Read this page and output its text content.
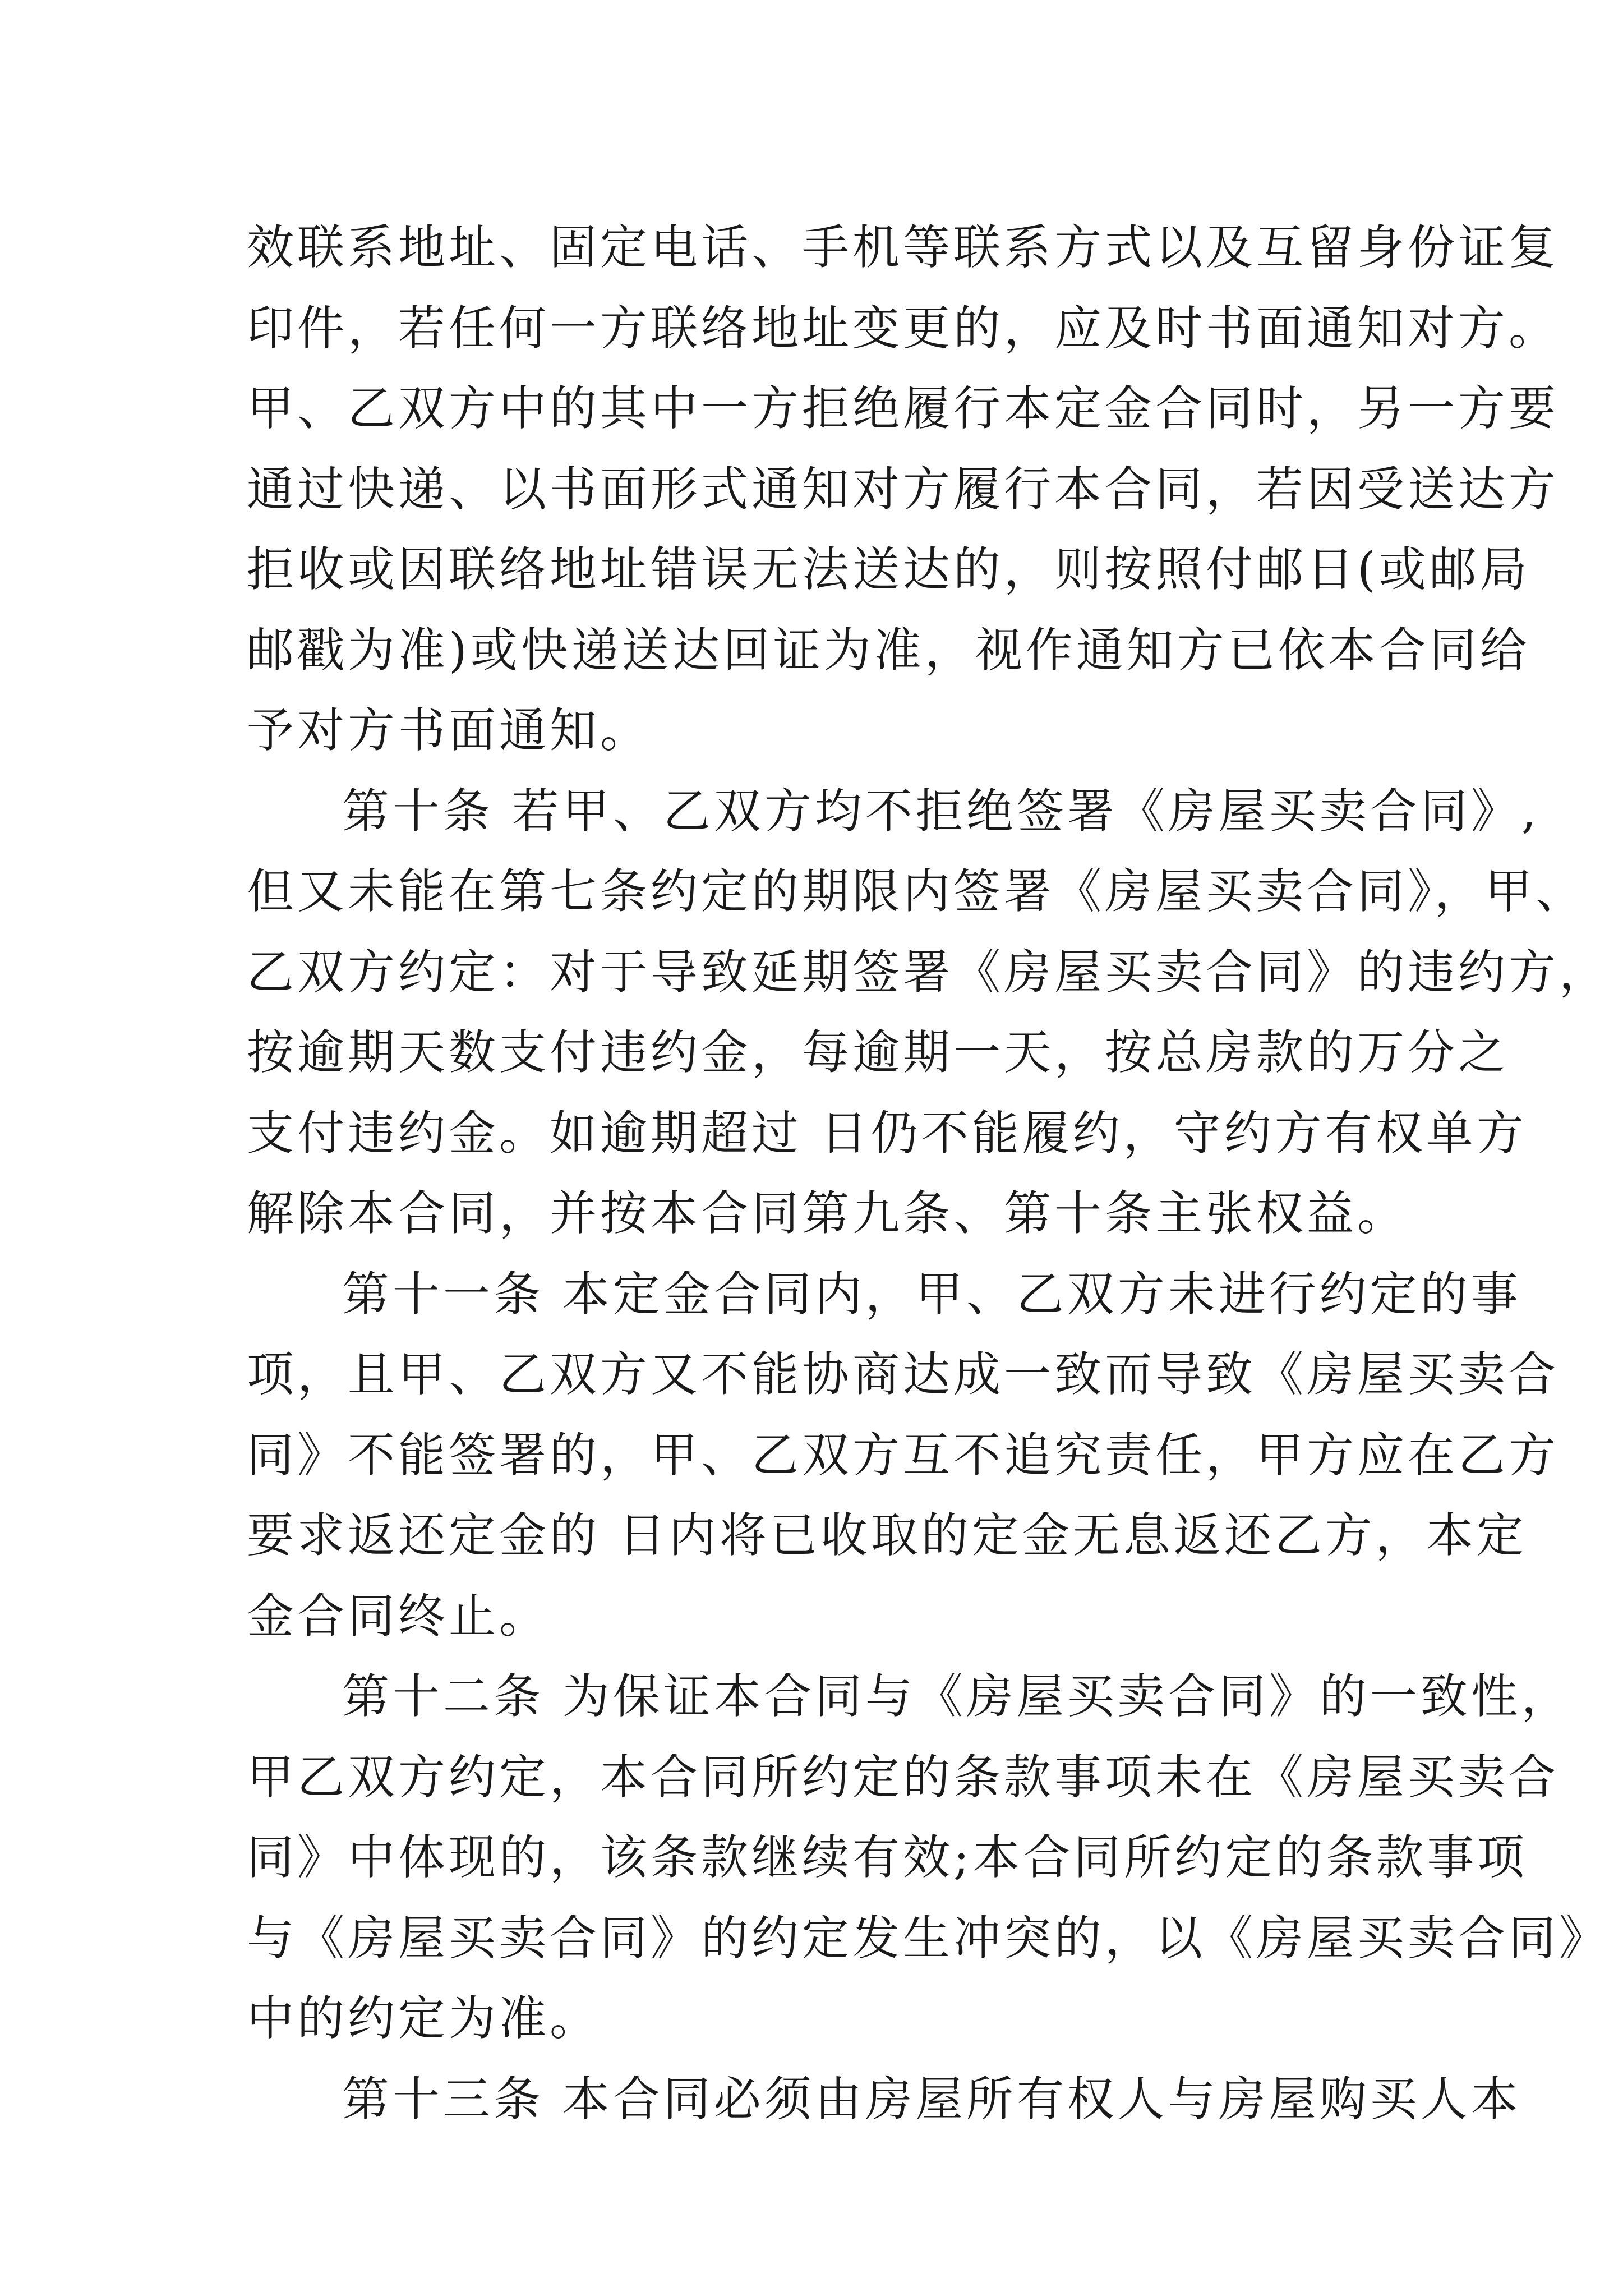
效联系地址、固定电话、手机等联系方式以及互留身份证复
印件，若任何一方联络地址变更的，应及时书面通知对方。
甲、乙双方中的其中一方拒绝履行本定金合同时，另一方要
通过快递、以书面形式通知对方履行本合同，若因受送达方
拒收或因联络地址错误无法送达的，则按照付邮日(或邮局
邮戳为准)或快递送达回证为准，视作通知方已依本合同给
予对方书面通知。
第十条 若甲、乙双方均不拒绝签署《房屋买卖合同》,
但又未能在第七条约定的期限内签署《房屋买卖合同》，甲、
乙双方约定：对于导致延期签署《房屋买卖合同》的违约方，
按逾期天数支付违约金，每逾期一天，按总房款的万分之
支付违约金。如逾期超过 日仍不能履约，守约方有权单方
解除本合同，并按本合同第九条、第十条主张权益。
第十一条 本定金合同内，甲、乙双方未进行约定的事
项，且甲、乙双方又不能协商达成一致而导致《房屋买卖合
同》不能签署的，甲、乙双方互不追究责任，甲方应在乙方
要求返还定金的 日内将已收取的定金无息返还乙方，本定
金合同终止。
第十二条 为保证本合同与《房屋买卖合同》的一致性，
甲乙双方约定，本合同所约定的条款事项未在《房屋买卖合
同》中体现的，该条款继续有效;本合同所约定的条款事项
与《房屋买卖合同》的约定发生冲突的，以《房屋买卖合同》
中的约定为准。
第十三条 本合同必须由房屋所有权人与房屋购买人本
